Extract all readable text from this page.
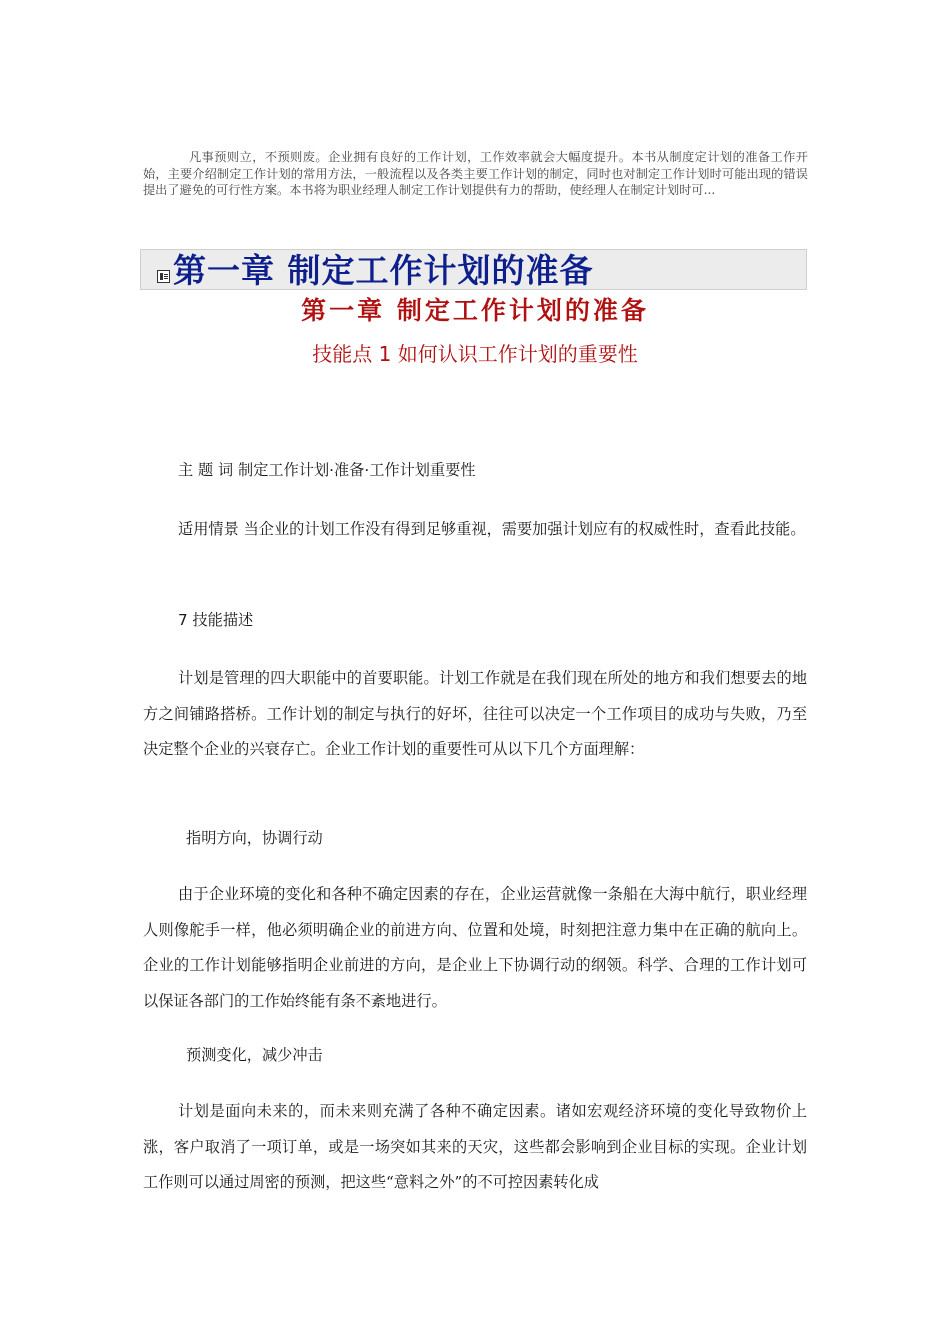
凡事预则立，不预则废。企业拥有良好的工作计划，工作效率就会大幅度提升。本书从制度定计划的准备工作开始，主要介绍制定工作计划的常用方法，一般流程以及各类主要工作计划的制定，同时也对制定工作计划时可能出现的错误提出了避免的可行性方案。本书将为职业经理人制定工作计划提供有力的帮助，使经理人在制定计划时可...

第一章 制定工作计划的准备
第一章 制定工作计划的准备
技能点 1 如何认识工作计划的重要性
主 题 词 制定工作计划·准备·工作计划重要性

适用情景 当企业的计划工作没有得到足够重视，需要加强计划应有的权威性时，查看此技能。

7 技能描述

计划是管理的四大职能中的首要职能。计划工作就是在我们现在所处的地方和我们想要去的地方之间铺路搭桥。工作计划的制定与执行的好坏，往往可以决定一个工作项目的成功与失败，乃至决定整个企业的兴衰存亡。企业工作计划的重要性可从以下几个方面理解：

指明方向，协调行动

由于企业环境的变化和各种不确定因素的存在，企业运营就像一条船在大海中航行，职业经理人则像舵手一样，他必须明确企业的前进方向、位置和处境，时刻把注意力集中在正确的航向上。企业的工作计划能够指明企业前进的方向，是企业上下协调行动的纲领。科学、合理的工作计划可以保证各部门的工作始终能有条不紊地进行。

预测变化，减少冲击

计划是面向未来的，而未来则充满了各种不确定因素。诸如宏观经济环境的变化导致物价上涨，客户取消了一项订单，或是一场突如其来的天灾，这些都会影响到企业目标的实现。企业计划工作则可以通过周密的预测，把这些“意料之外”的不可控因素转化成
